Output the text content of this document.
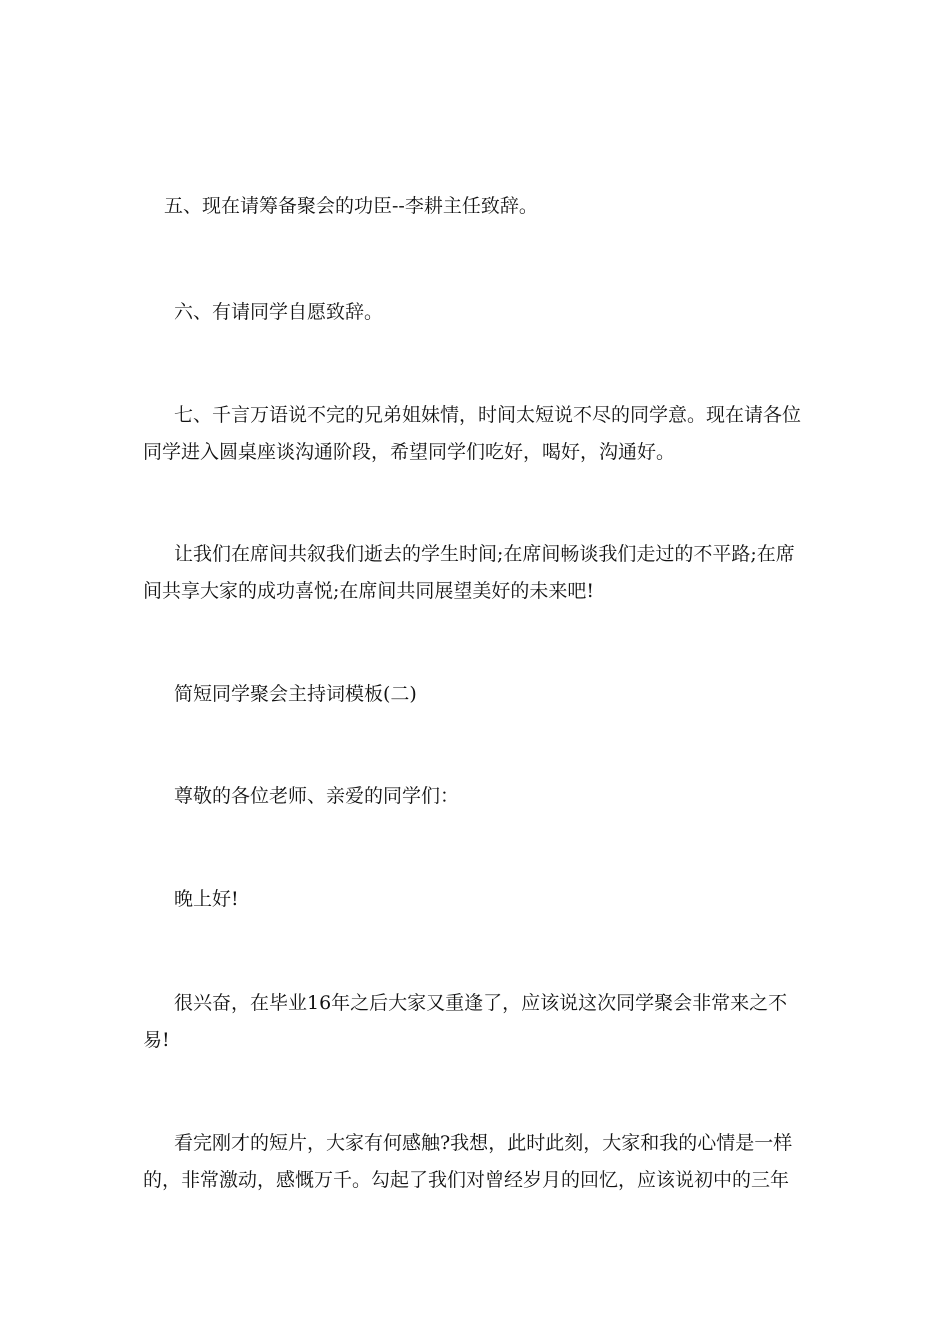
五、现在请筹备聚会的功臣--李耕主任致辞。

六、有请同学自愿致辞。

七、千言万语说不完的兄弟姐妹情，时间太短说不尽的同学意。现在请各位同学进入圆桌座谈沟通阶段，希望同学们吃好，喝好，沟通好。

让我们在席间共叙我们逝去的学生时间;在席间畅谈我们走过的不平路;在席间共享大家的成功喜悦;在席间共同展望美好的未来吧!

简短同学聚会主持词模板(二)

尊敬的各位老师、亲爱的同学们：

晚上好!

很兴奋，在毕业16年之后大家又重逢了，应该说这次同学聚会非常来之不易!

看完刚才的短片，大家有何感触?我想，此时此刻，大家和我的心情是一样的，非常激动，感慨万千。勾起了我们对曾经岁月的回忆，应该说初中的三年
